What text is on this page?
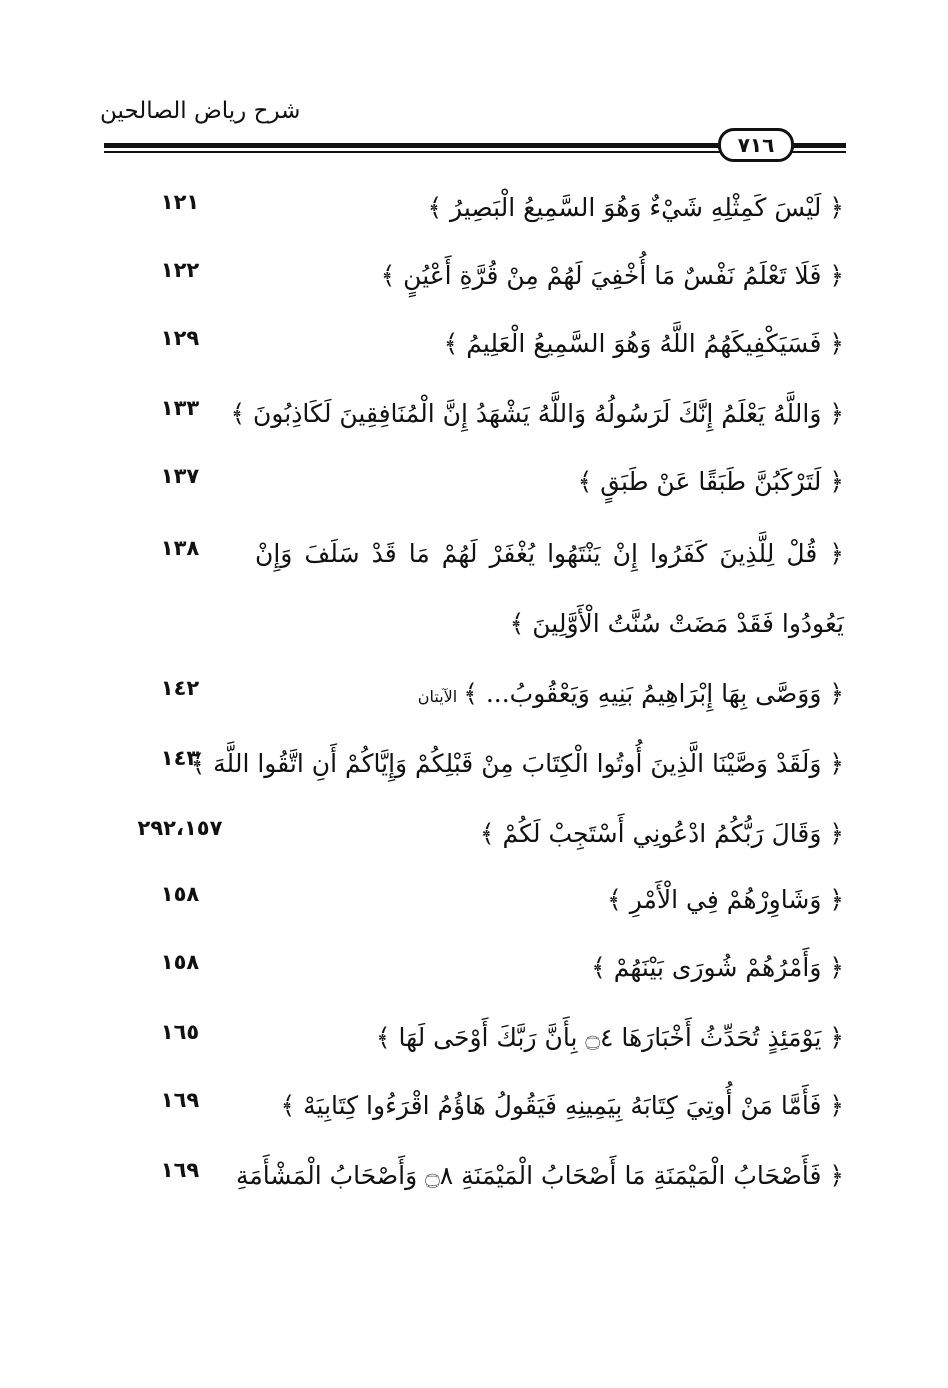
شرح رياض الصالحين
٧١٦
﴿ لَيْسَ كَمِثْلِهِ شَيْءٌ وَهُوَ السَّمِيعُ الْبَصِيرُ ﴾
١٢١
﴿ فَلَا تَعْلَمُ نَفْسٌ مَا أُخْفِيَ لَهُمْ مِنْ قُرَّةِ أَعْيُنٍ ﴾
١٢٢
﴿ فَسَيَكْفِيكَهُمُ اللَّهُ وَهُوَ السَّمِيعُ الْعَلِيمُ ﴾
١٢٩
﴿ وَاللَّهُ يَعْلَمُ إِنَّكَ لَرَسُولُهُ وَاللَّهُ يَشْهَدُ إِنَّ الْمُنَافِقِينَ لَكَاذِبُونَ ﴾
١٣٣
﴿ لَتَرْكَبُنَّ طَبَقًا عَنْ طَبَقٍ ﴾
١٣٧
﴿ قُلْ لِلَّذِينَ كَفَرُوا إِنْ يَنْتَهُوا يُغْفَرْ لَهُمْ مَا قَدْ سَلَفَ وَإِنْ
يَعُودُوا فَقَدْ مَضَتْ سُنَّتُ الْأَوَّلِينَ ﴾
١٣٨
﴿ وَوَصَّى بِهَا إِبْرَاهِيمُ بَنِيهِ وَيَعْقُوبُ... ﴾الآيتان
١٤٢
﴿ وَلَقَدْ وَصَّيْنَا الَّذِينَ أُوتُوا الْكِتَابَ مِنْ قَبْلِكُمْ وَإِيَّاكُمْ أَنِ اتَّقُوا اللَّهَ ﴾
١٤٣
﴿ وَقَالَ رَبُّكُمُ ادْعُونِي أَسْتَجِبْ لَكُمْ ﴾
٢٩٢،١٥٧
﴿ وَشَاوِرْهُمْ فِي الْأَمْرِ ﴾
١٥٨
﴿ وَأَمْرُهُمْ شُورَى بَيْنَهُمْ ﴾
١٥٨
﴿ يَوْمَئِذٍ تُحَدِّثُ أَخْبَارَهَا ۝٤ بِأَنَّ رَبَّكَ أَوْحَى لَهَا ﴾
١٦٥
﴿ فَأَمَّا مَنْ أُوتِيَ كِتَابَهُ بِيَمِينِهِ فَيَقُولُ هَاؤُمُ اقْرَءُوا كِتَابِيَهْ ﴾
١٦٩
﴿ فَأَصْحَابُ الْمَيْمَنَةِ مَا أَصْحَابُ الْمَيْمَنَةِ ۝٨ وَأَصْحَابُ الْمَشْأَمَةِ
١٦٩
